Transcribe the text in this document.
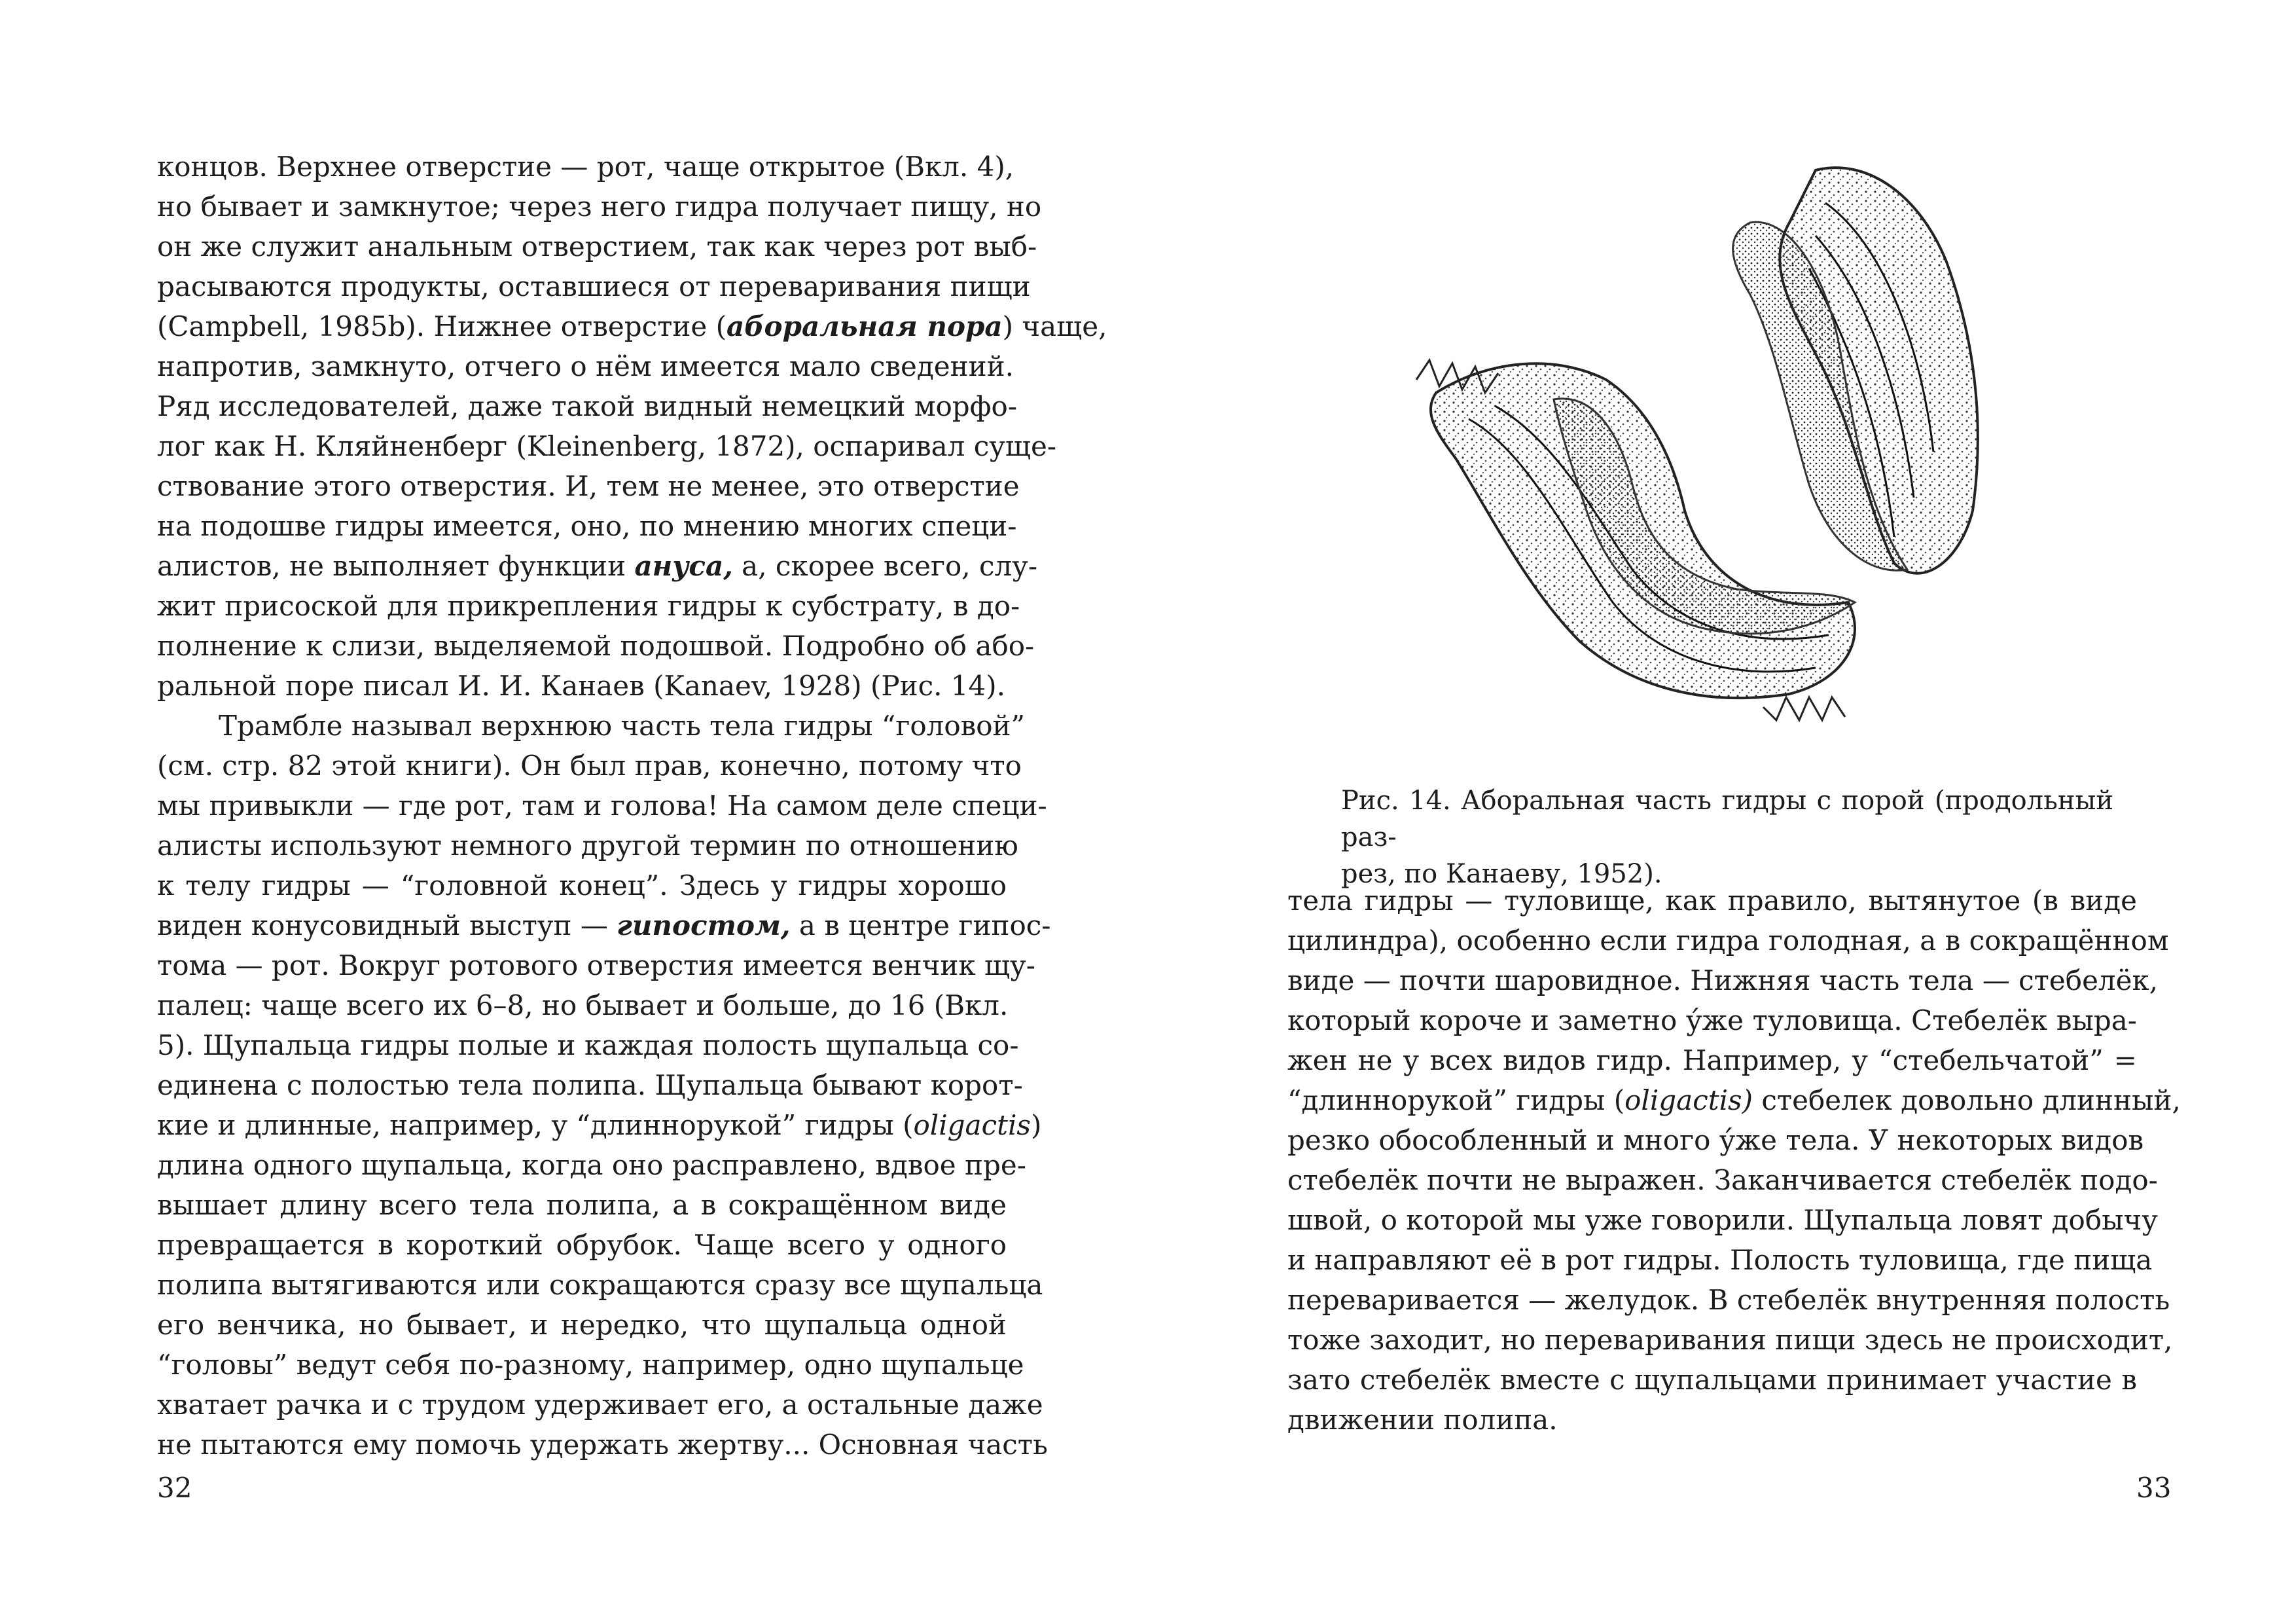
концов. Верхнее отверстие — рот, чаще открытое (Вкл. 4),
но бывает и замкнутое; через него гидра получает пищу, но
он же служит анальным отверстием, так как через рот выб-
расываются продукты, оставшиеся от переваривания пищи
(Campbell, 1985b). Нижнее отверстие (аборальная пора) чаще,
напротив, замкнуто, отчего о нём имеется мало сведений.
Ряд исследователей, даже такой видный немецкий морфо-
лог как Н. Кляйненберг (Kleinenberg, 1872), оспаривал суще-
ствование этого отверстия. И, тем не менее, это отверстие
на подошве гидры имеется, оно, по мнению многих специ-
алистов, не выполняет функции ануса, а, скорее всего, слу-
жит присоской для прикрепления гидры к субстрату, в до-
полнение к слизи, выделяемой подошвой. Подробно об або-
ральной поре писал И. И. Канаев (Kanaev, 1928) (Рис. 14).

Трамбле называл верхнюю часть тела гидры “головой”
(см. стр. 82 этой книги). Он был прав, конечно, потому что
мы привыкли — где рот, там и голова! На самом деле специ-
алисты используют немного другой термин по отношению
к телу гидры — “головной конец”. Здесь у гидры хорошо
виден конусовидный выступ — гипостом, а в центре гипос-
тома — рот. Вокруг ротового отверстия имеется венчик щу-
палец: чаще всего их 6–8, но бывает и больше, до 16 (Вкл.
5). Щупальца гидры полые и каждая полость щупальца со-
единена с полостью тела полипа. Щупальца бывают корот-
кие и длинные, например, у “длиннорукой” гидры (oligactis)
длина одного щупальца, когда оно расправлено, вдвое пре-
вышает длину всего тела полипа, а в сокращённом виде
превращается в короткий обрубок. Чаще всего у одного
полипа вытягиваются или сокращаются сразу все щупальца
его венчика, но бывает, и нередко, что щупальца одной
“головы” ведут себя по-разному, например, одно щупальце
хватает рачка и с трудом удерживает его, а остальные даже
не пытаются ему помочь удержать жертву... Основная часть

32
Рис. 14. Аборальная часть гидры с порой (продольный раз-
рез, по Канаеву, 1952).

тела гидры — туловище, как правило, вытянутое (в виде
цилиндра), особенно если гидра голодная, а в сокращённом
виде — почти шаровидное. Нижняя часть тела — стебелёк,
который короче и заметно у́же туловища. Стебелёк выра-
жен не у всех видов гидр. Например, у “стебельчатой” =
“длиннорукой” гидры (oligactis) стебелек довольно длинный,
резко обособленный и много у́же тела. У некоторых видов
стебелёк почти не выражен. Заканчивается стебелёк подо-
швой, о которой мы уже говорили. Щупальца ловят добычу
и направляют её в рот гидры. Полость туловища, где пища
переваривается — желудок. В стебелёк внутренняя полость
тоже заходит, но переваривания пищи здесь не происходит,
зато стебелёк вместе с щупальцами принимает участие в
движении полипа.

33
